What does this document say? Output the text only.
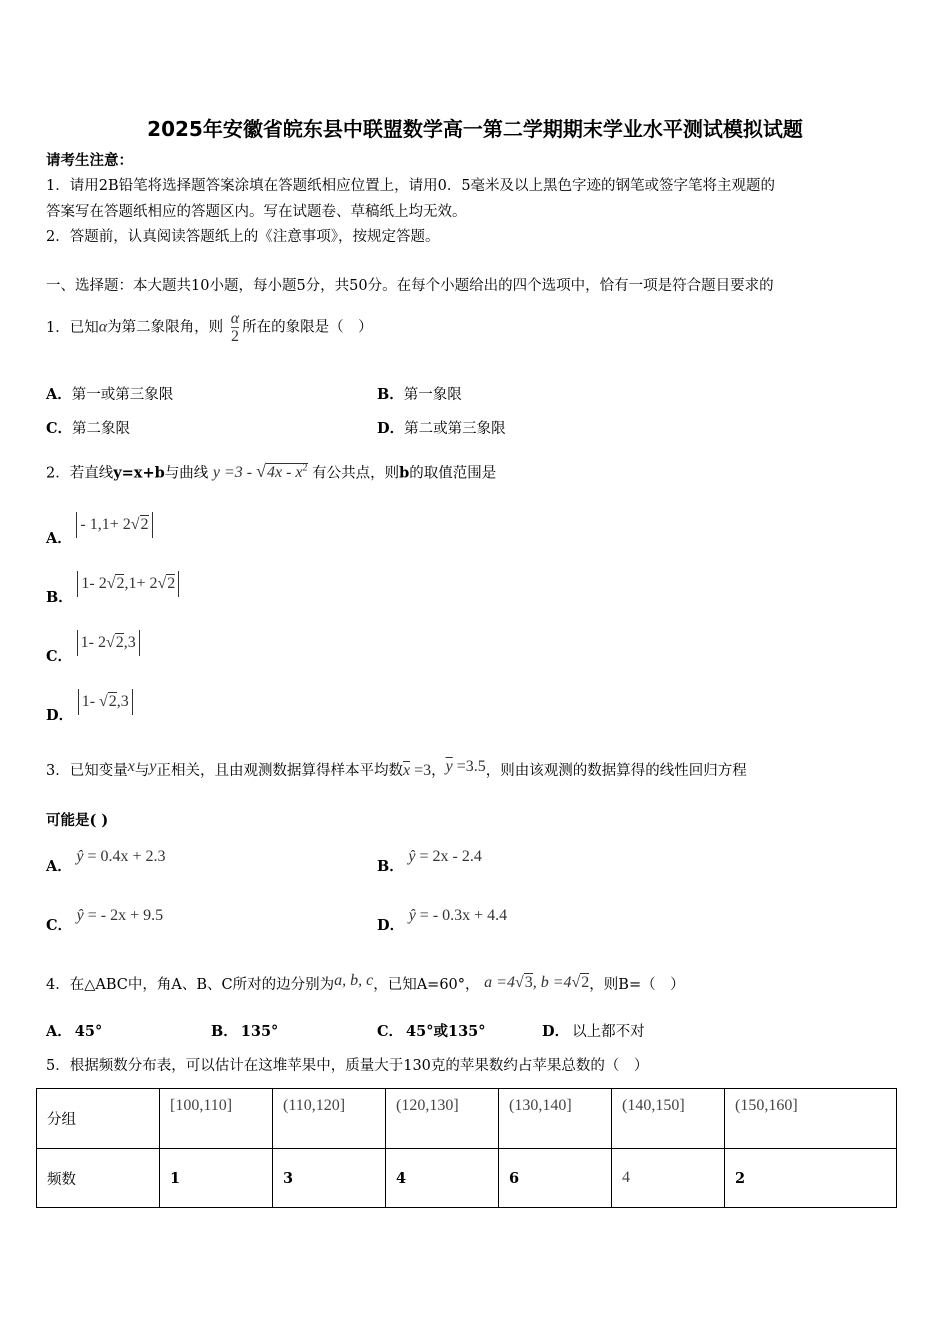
2025年安徽省皖东县中联盟数学高一第二学期期末学业水平测试模拟试题
请考生注意：
1．请用2B铅笔将选择题答案涂填在答题纸相应位置上，请用0．5毫米及以上黑色字迹的钢笔或签字笔将主观题的
答案写在答题纸相应的答题区内。写在试题卷、草稿纸上均无效。
2．答题前，认真阅读答题纸上的《注意事项》，按规定答题。
一、选择题：本大题共10小题，每小题5分，共50分。在每个小题给出的四个选项中，恰有一项是符合题目要求的
1．已知α为第二象限角，则 $\frac{\alpha}{2}$ 所在的象限是（　）
A．第一或第三象限	B．第一象限
C．第二象限	D．第二或第三象限
2．若直线y=x+b与曲线 $y =3 - √4x - x^2$ 有公共点，则b的取值范围是
A． - 1,1+ 2√2
B． 1- 2√2,1+ 2√2
C． 1- 2√2,3
D． 1- √2,3
3．已知变量x与y正相关，且由观测数据算得样本平均数$\overline{x} =3$，$\overline{y} =3.5$，则由该观测的数据算得的线性回归方程
可能是( )
A． ŷ = 0.4x + 2.3
B． ŷ = 2x - 2.4
C． ŷ = - 2x + 9.5
D． ŷ = - 0.3x + 4.4
4．在△ABC中，角A、B、C所对的边分别为a, b, c，已知A=60°， a =4√3, b =4√2，则B=（　）
A． 45°	B． 135°	C． 45°或135°	D． 以上都不对
5．根据频数分布表，可以估计在这堆苹果中，质量大于130克的苹果数约占苹果总数的（　）
分组	[100,110]	(110,120]	(120,130]	(130,140]	(140,150]	(150,160]

频数	1	3	4	6	4	2
